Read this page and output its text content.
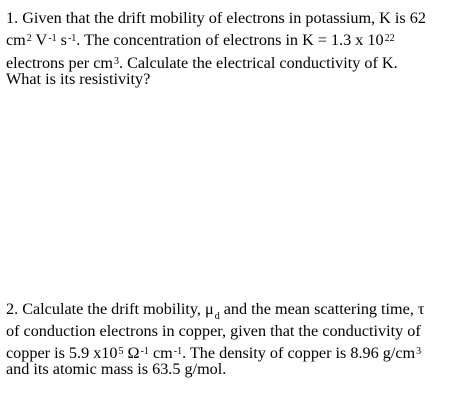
1. Given that the drift mobility of electrons in potassium, K is 62
$cm^2$ $V^{-1}$ $s^{-1}$. The concentration of electrons in K = 1.3 x $10^{22}$
electrons per $cm^3$. Calculate the electrical conductivity of K.
What is its resistivity?
2. Calculate the drift mobility, $\mu_d$ and the mean scattering time, τ
of conduction electrons in copper, given that the conductivity of
copper is 5.9 $x10^5$ $\Omega^{-1}$ $cm^{-1}$. The density of copper is 8.96 $g/cm^3$
and its atomic mass is 63.5 g/mol.
